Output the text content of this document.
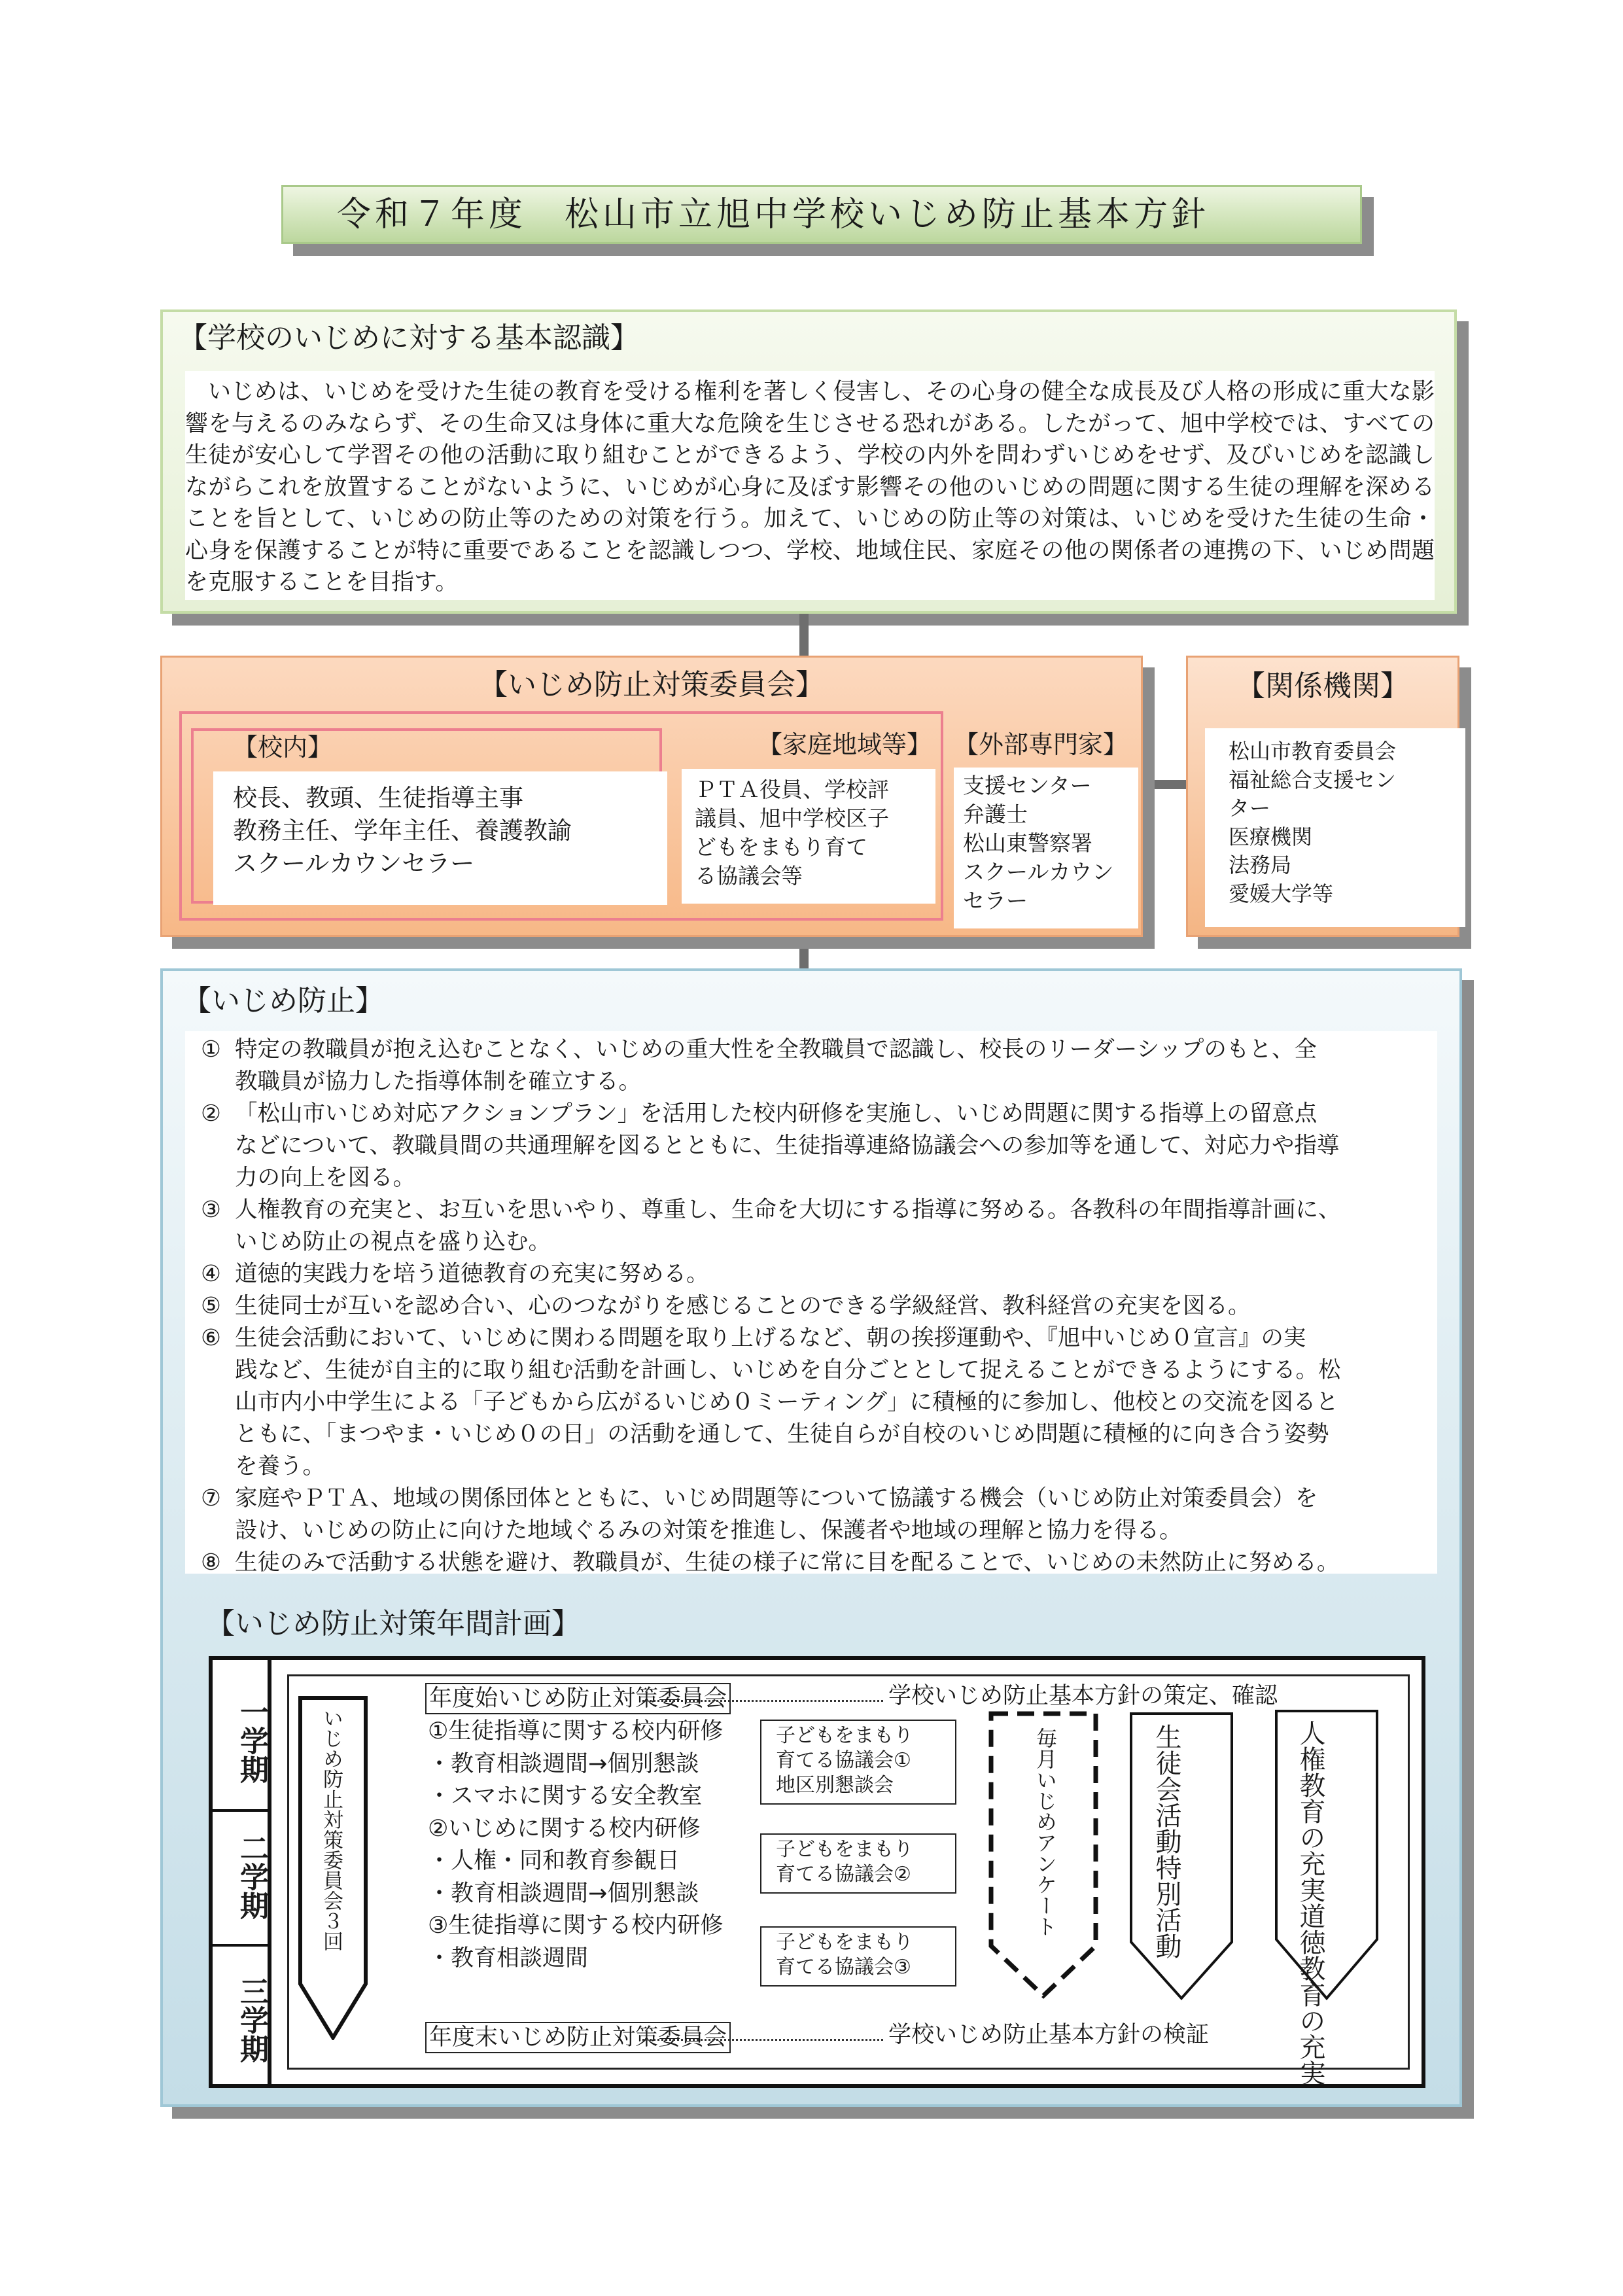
令和７年度　松山市立旭中学校いじめ防止基本方針
【学校のいじめに対する基本認識】
いじめは、いじめを受けた生徒の教育を受ける権利を著しく侵害し、その心身の健全な成長及び人格の形成に重大な影響を与えるのみならず、その生命又は身体に重大な危険を生じさせる恐れがある。したがって、旭中学校では、すべての生徒が安心して学習その他の活動に取り組むことができるよう、学校の内外を問わずいじめをせず、及びいじめを認識しながらこれを放置することがないように、いじめが心身に及ぼす影響その他のいじめの問題に関する生徒の理解を深めることを旨として、いじめの防止等のための対策を行う。加えて、いじめの防止等の対策は、いじめを受けた生徒の生命・心身を保護することが特に重要であることを認識しつつ、学校、地域住民、家庭その他の関係者の連携の下、いじめ問題を克服することを目指す。
【いじめ防止対策委員会】
【校内】
校長、教頭、生徒指導主事
教務主任、学年主任、養護教諭
スクールカウンセラー
【家庭地域等】
ＰＴＡ役員、学校評
議員、旭中学校区子
どもをまもり育て
る協議会等
【外部専門家】
支援センター
弁護士
松山東警察署
スクールカウン
セラー
【関係機関】
松山市教育委員会
福祉総合支援セン
ター
医療機関
法務局
愛媛大学等
【いじめ防止】
① 特定の教職員が抱え込むことなく、いじめの重大性を全教職員で認識し、校長のリーダーシップのもと、全
教職員が協力した指導体制を確立する。
② 「松山市いじめ対応アクションプラン」を活用した校内研修を実施し、いじめ問題に関する指導上の留意点
などについて、教職員間の共通理解を図るとともに、生徒指導連絡協議会への参加等を通して、対応力や指導
力の向上を図る。
③ 人権教育の充実と、お互いを思いやり、尊重し、生命を大切にする指導に努める。各教科の年間指導計画に、
いじめ防止の視点を盛り込む。
④ 道徳的実践力を培う道徳教育の充実に努める。
⑤ 生徒同士が互いを認め合い、心のつながりを感じることのできる学級経営、教科経営の充実を図る。
⑥ 生徒会活動において、いじめに関わる問題を取り上げるなど、朝の挨拶運動や、『旭中いじめ０宣言』の実
践など、生徒が自主的に取り組む活動を計画し、いじめを自分ごととして捉えることができるようにする。松
山市内小中学生による「子どもから広がるいじめ０ミーティング」に積極的に参加し、他校との交流を図ると
ともに、「まつやま・いじめ０の日」の活動を通して、生徒自らが自校のいじめ問題に積極的に向き合う姿勢
を養う。
⑦ 家庭やＰＴＡ、地域の関係団体とともに、いじめ問題等について協議する機会（いじめ防止対策委員会）を
設け、いじめの防止に向けた地域ぐるみの対策を推進し、保護者や地域の理解と協力を得る。
⑧ 生徒のみで活動する状態を避け、教職員が、生徒の様子に常に目を配ることで、いじめの未然防止に努める。
【いじめ防止対策年間計画】
一学期
二学期
三学期
いじめ防止対策委員会３回
年度始いじめ防止対策委員会	学校いじめ防止基本方針の策定、確認
①生徒指導に関する校内研修
・教育相談週間→個別懇談
・スマホに関する安全教室
②いじめに関する校内研修
・人権・同和教育参観日
・教育相談週間→個別懇談
③生徒指導に関する校内研修
・教育相談週間
子どもをまもり
育てる協議会①
地区別懇談会
子どもをまもり
育てる協議会②
子どもをまもり
育てる協議会③
毎月いじめアンケート	生徒会活動特別活動
人権教育の充実道徳教育の充実
年度末いじめ防止対策委員会	学校いじめ防止基本方針の検証
